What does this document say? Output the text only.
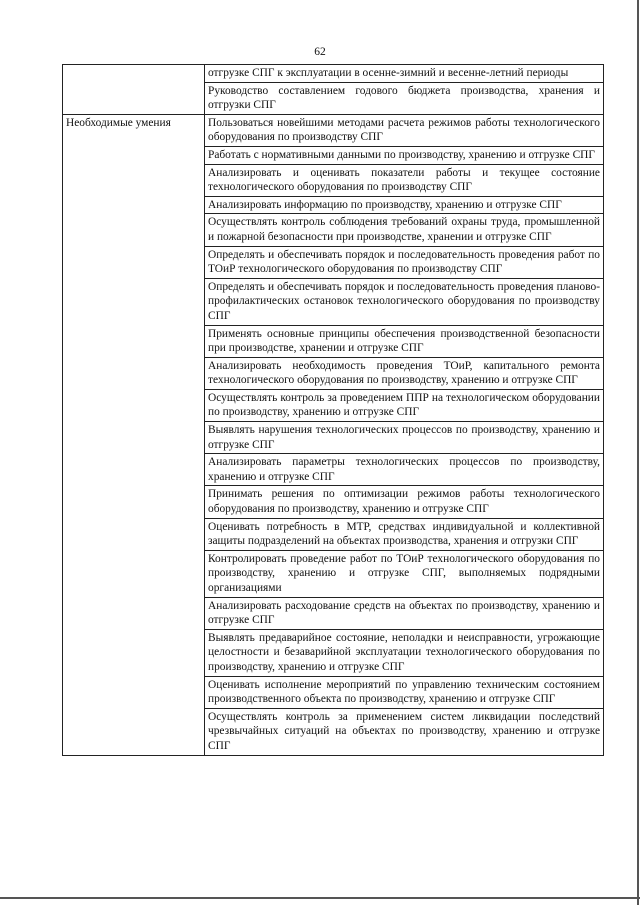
62
	отгрузке СПГ к эксплуатации в осенне-зимний и весенне-летний периоды
	Руководство составлением годового бюджета производства, хранения и отгрузки СПГ
Необходимые умения	Пользоваться новейшими методами расчета режимов работы технологического оборудования по производству СПГ
	Работать с нормативными данными по производству, хранению и отгрузке СПГ
	Анализировать и оценивать показатели работы и текущее состояние технологического оборудования по производству СПГ
	Анализировать информацию по производству, хранению и отгрузке СПГ
	Осуществлять контроль соблюдения требований охраны труда, промышленной и пожарной безопасности при производстве, хранении и отгрузке СПГ
	Определять и обеспечивать порядок и последовательность проведения работ по ТОиР технологического оборудования по производству СПГ
	Определять и обеспечивать порядок и последовательность проведения планово-профилактических остановок технологического оборудования по производству СПГ
	Применять основные принципы обеспечения производственной безопасности при производстве, хранении и отгрузке СПГ
	Анализировать необходимость проведения ТОиР, капитального ремонта технологического оборудования по производству, хранению и отгрузке СПГ
	Осуществлять контроль за проведением ППР на технологическом оборудовании по производству, хранению и отгрузке СПГ
	Выявлять нарушения технологических процессов по производству, хранению и отгрузке СПГ
	Анализировать параметры технологических процессов по производству, хранению и отгрузке СПГ
	Принимать решения по оптимизации режимов работы технологического оборудования по производству, хранению и отгрузке СПГ
	Оценивать потребность в МТР, средствах индивидуальной и коллективной защиты подразделений на объектах производства, хранения и отгрузки СПГ
	Контролировать проведение работ по ТОиР технологического оборудования по производству, хранению и отгрузке СПГ, выполняемых подрядными организациями
	Анализировать расходование средств на объектах по производству, хранению и отгрузке СПГ
	Выявлять предаварийное состояние, неполадки и неисправности, угрожающие целостности и безаварийной эксплуатации технологического оборудования по производству, хранению и отгрузке СПГ
	Оценивать исполнение мероприятий по управлению техническим состоянием производственного объекта по производству, хранению и отгрузке СПГ
	Осуществлять контроль за применением систем ликвидации последствий чрезвычайных ситуаций на объектах по производству, хранению и отгрузке СПГ
